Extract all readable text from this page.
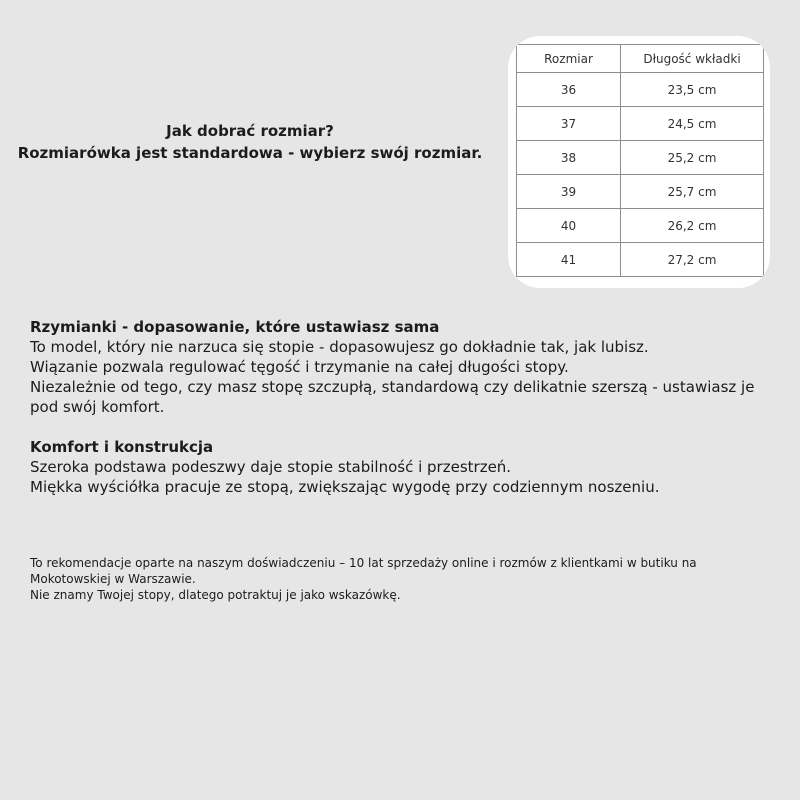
Jak dobrać rozmiar?
Rozmiarówka jest standardowa - wybierz swój rozmiar.
Rozmiar	Długość wkładki
36	23,5 cm
37	24,5 cm
38	25,2 cm
39	25,7 cm
40	26,2 cm
41	27,2 cm
Rzymianki - dopasowanie, które ustawiasz sama

To model, który nie narzuca się stopie - dopasowujesz go dokładnie tak, jak lubisz.

Wiązanie pozwala regulować tęgość i trzymanie na całej długości stopy.

Niezależnie od tego, czy masz stopę szczupłą, standardową czy delikatnie szerszą - ustawiasz je pod swój komfort.

Komfort i konstrukcja

Szeroka podstawa podeszwy daje stopie stabilność i przestrzeń.

Miękka wyściółka pracuje ze stopą, zwiększając wygodę przy codziennym noszeniu.

To rekomendacje oparte na naszym doświadczeniu – 10 lat sprzedaży online i rozmów z klientkami w butiku na Mokotowskiej w Warszawie.

Nie znamy Twojej stopy, dlatego potraktuj je jako wskazówkę.
